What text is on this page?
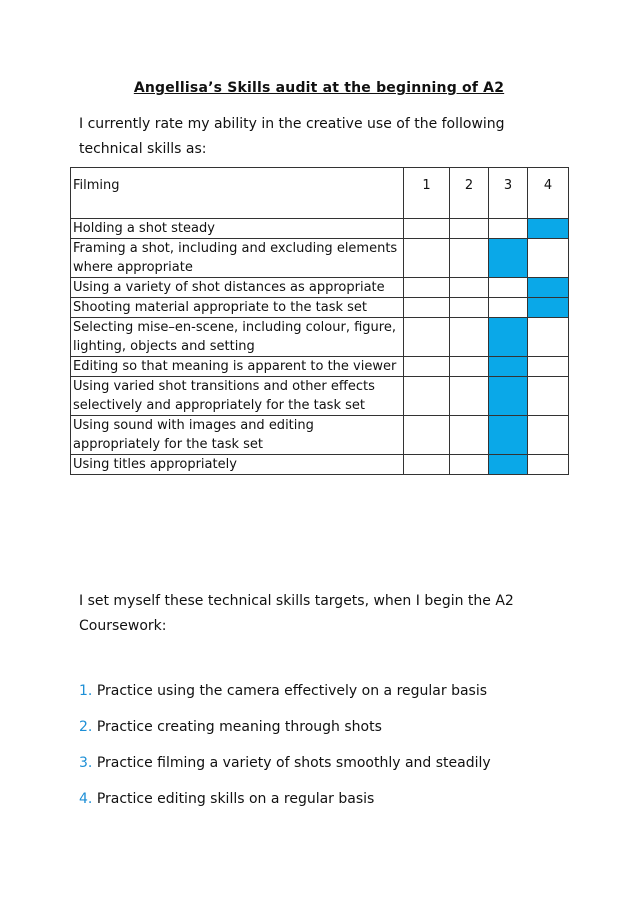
Angellisa’s Skills audit at the beginning of A2
I currently rate my ability in the creative use of the following technical skills as:
Filming	1	2	3	4
Holding a shot steady				
Framing a shot, including and excluding elements where appropriate				
Using a variety of shot distances as appropriate				
Shooting material appropriate to the task set				
Selecting mise–en-scene, including colour, figure, lighting, objects and setting				
Editing so that meaning is apparent to the viewer				
Using varied shot transitions and other effects selectively and appropriately for the task set				
Using sound with images and editing appropriately for the task set				
Using titles appropriately				
I set myself these technical skills targets, when I begin the A2 Coursework:
1. Practice using the camera effectively on a regular basis
2. Practice creating meaning through shots
3. Practice filming a variety of shots smoothly and steadily
4. Practice editing skills on a regular basis
